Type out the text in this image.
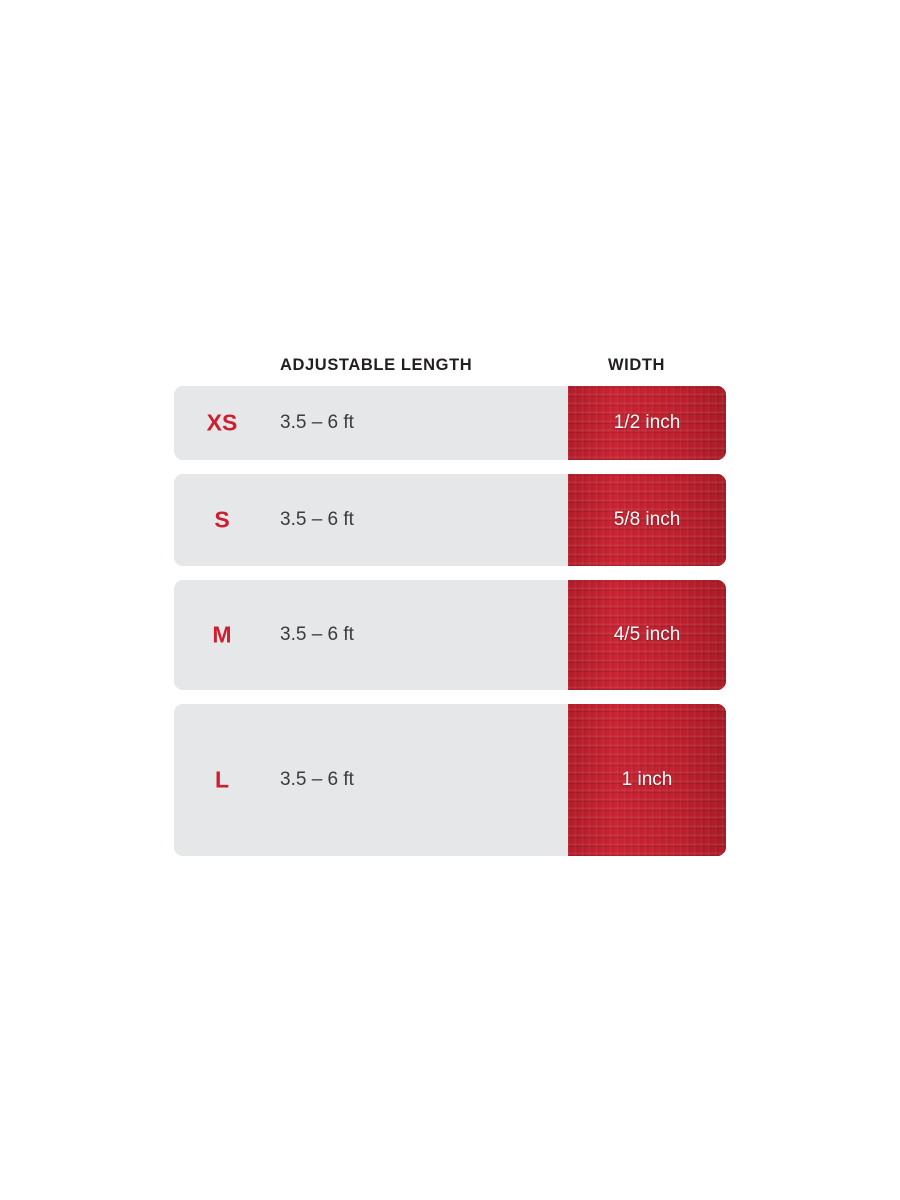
ADJUSTABLE LENGTH	WIDTH
XS	3.5 – 6 ft	1/2 inch
S	3.5 – 6 ft	5/8 inch
M	3.5 – 6 ft	4/5 inch
L	3.5 – 6 ft	1 inch
